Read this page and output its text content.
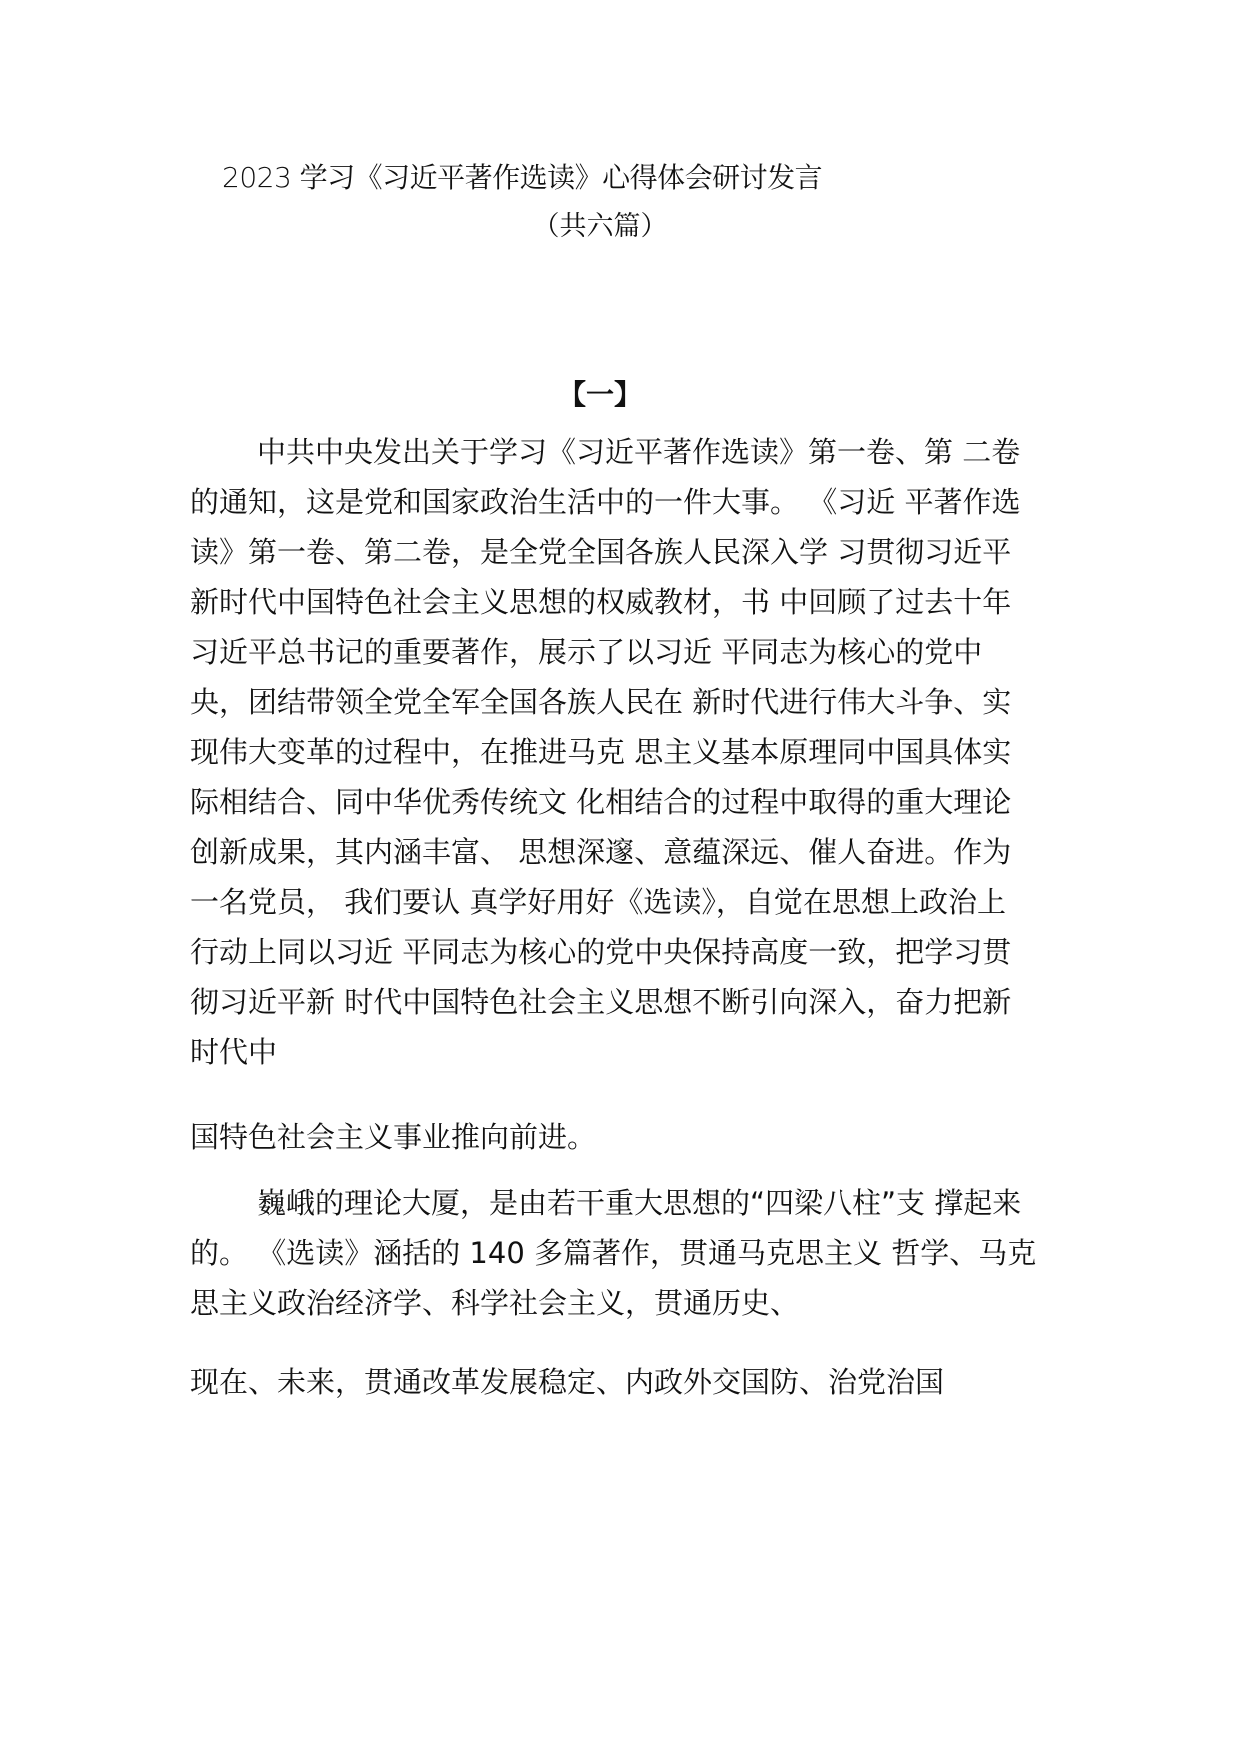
2023 学习《习近平著作选读》心得体会研讨发言
（共六篇）
【一】
中共中央发出关于学习《习近平著作选读》第一卷、第 二卷
的通知，这是党和国家政治生活中的一件大事。 《习近 平著作选
读》第一卷、第二卷，是全党全国各族人民深入学 习贯彻习近平
新时代中国特色社会主义思想的权威教材，书 中回顾了过去十年
习近平总书记的重要著作，展示了以习近 平同志为核心的党中
央，团结带领全党全军全国各族人民在 新时代进行伟大斗争、实
现伟大变革的过程中，在推进马克 思主义基本原理同中国具体实
际相结合、同中华优秀传统文 化相结合的过程中取得的重大理论
创新成果，其内涵丰富、 思想深邃、意蕴深远、催人奋进。作为
一名党员， 我们要认 真学好用好《选读》，自觉在思想上政治上
行动上同以习近 平同志为核心的党中央保持高度一致，把学习贯
彻习近平新 时代中国特色社会主义思想不断引向深入，奋力把新
时代中
国特色社会主义事业推向前进。
巍峨的理论大厦，是由若干重大思想的“四梁八柱”支 撑起来
的。 《选读》涵括的 140 多篇著作，贯通马克思主义 哲学、马克
思主义政治经济学、科学社会主义，贯通历史、
现在、未来，贯通改革发展稳定、内政外交国防、治党治国
